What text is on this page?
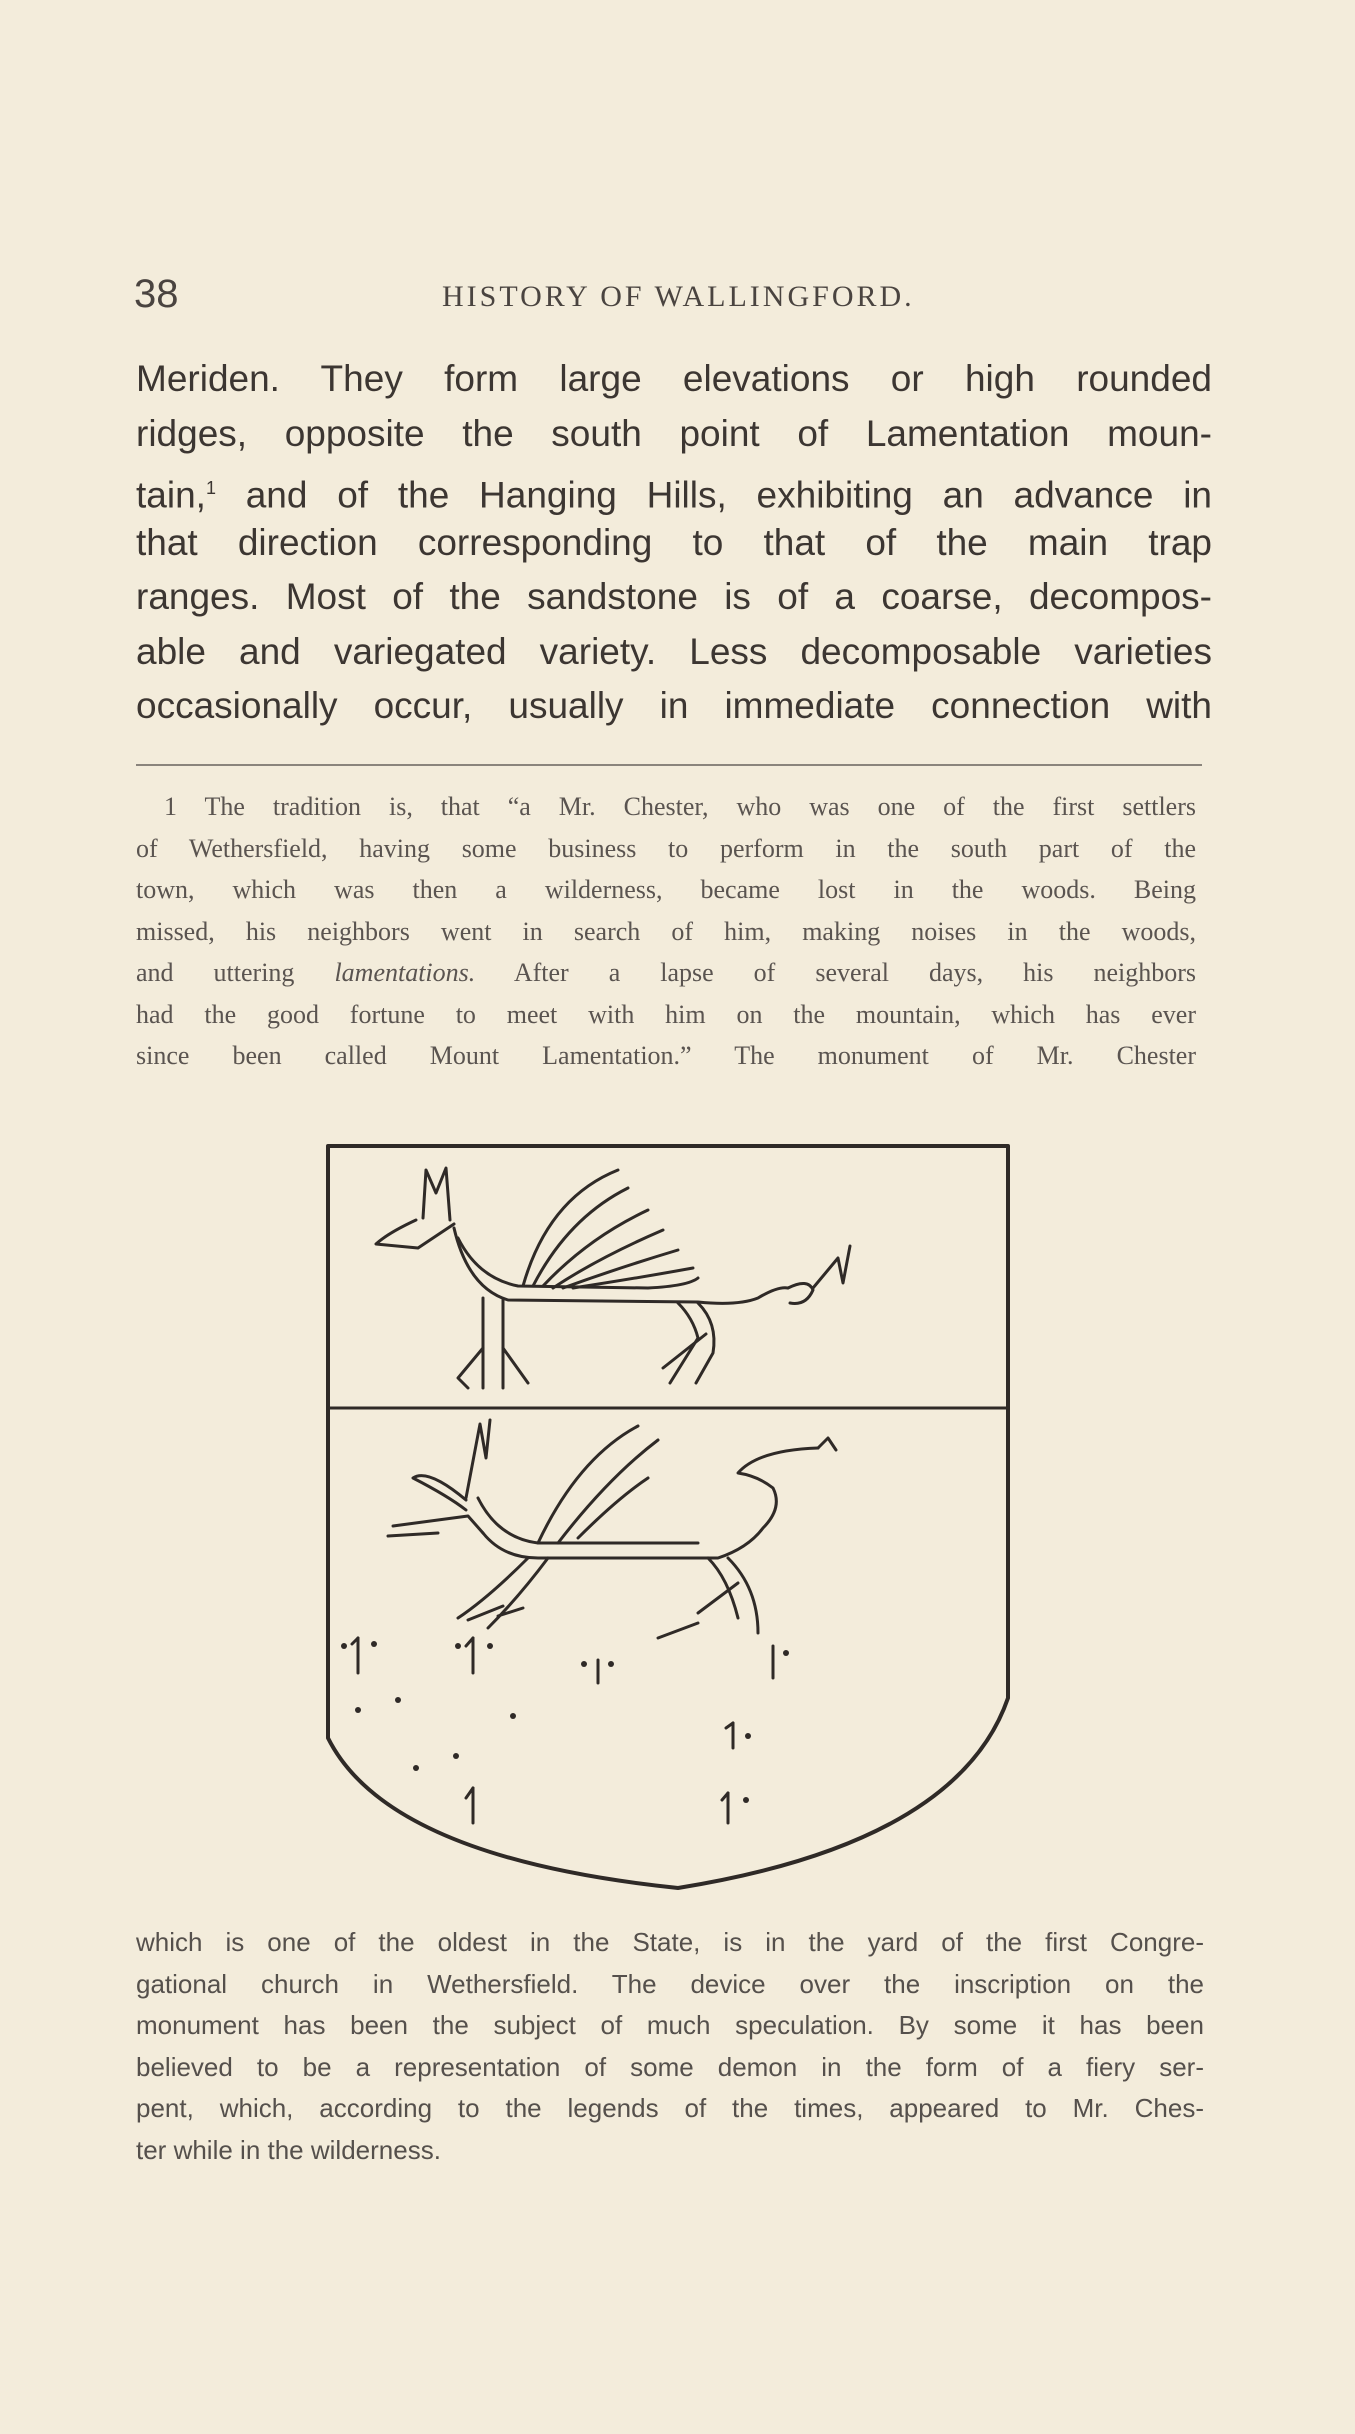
38	HISTORY OF WALLINGFORD.
Meriden. They form large elevations or high rounded
ridges, opposite the south point of Lamentation moun-
tain,$^1$ and of the Hanging Hills, exhibiting an advance in
that direction corresponding to that of the main trap
ranges. Most of the sandstone is of a coarse, decompos-
able and variegated variety. Less decomposable varieties
occasionally occur, usually in immediate connection with
1 The tradition is, that “a Mr. Chester, who was one of the first settlers
of Wethersfield, having some business to perform in the south part of the
town, which was then a wilderness, became lost in the woods. Being
missed, his neighbors went in search of him, making noises in the woods,
and uttering lamentations. After a lapse of several days, his neighbors
had the good fortune to meet with him on the mountain, which has ever
since been called Mount Lamentation.” The monument of Mr. Chester
which is one of the oldest in the State, is in the yard of the first Congre-
gational church in Wethersfield. The device over the inscription on the
monument has been the subject of much speculation. By some it has been
believed to be a representation of some demon in the form of a fiery ser-
pent, which, according to the legends of the times, appeared to Mr. Ches-
ter while in the wilderness.
